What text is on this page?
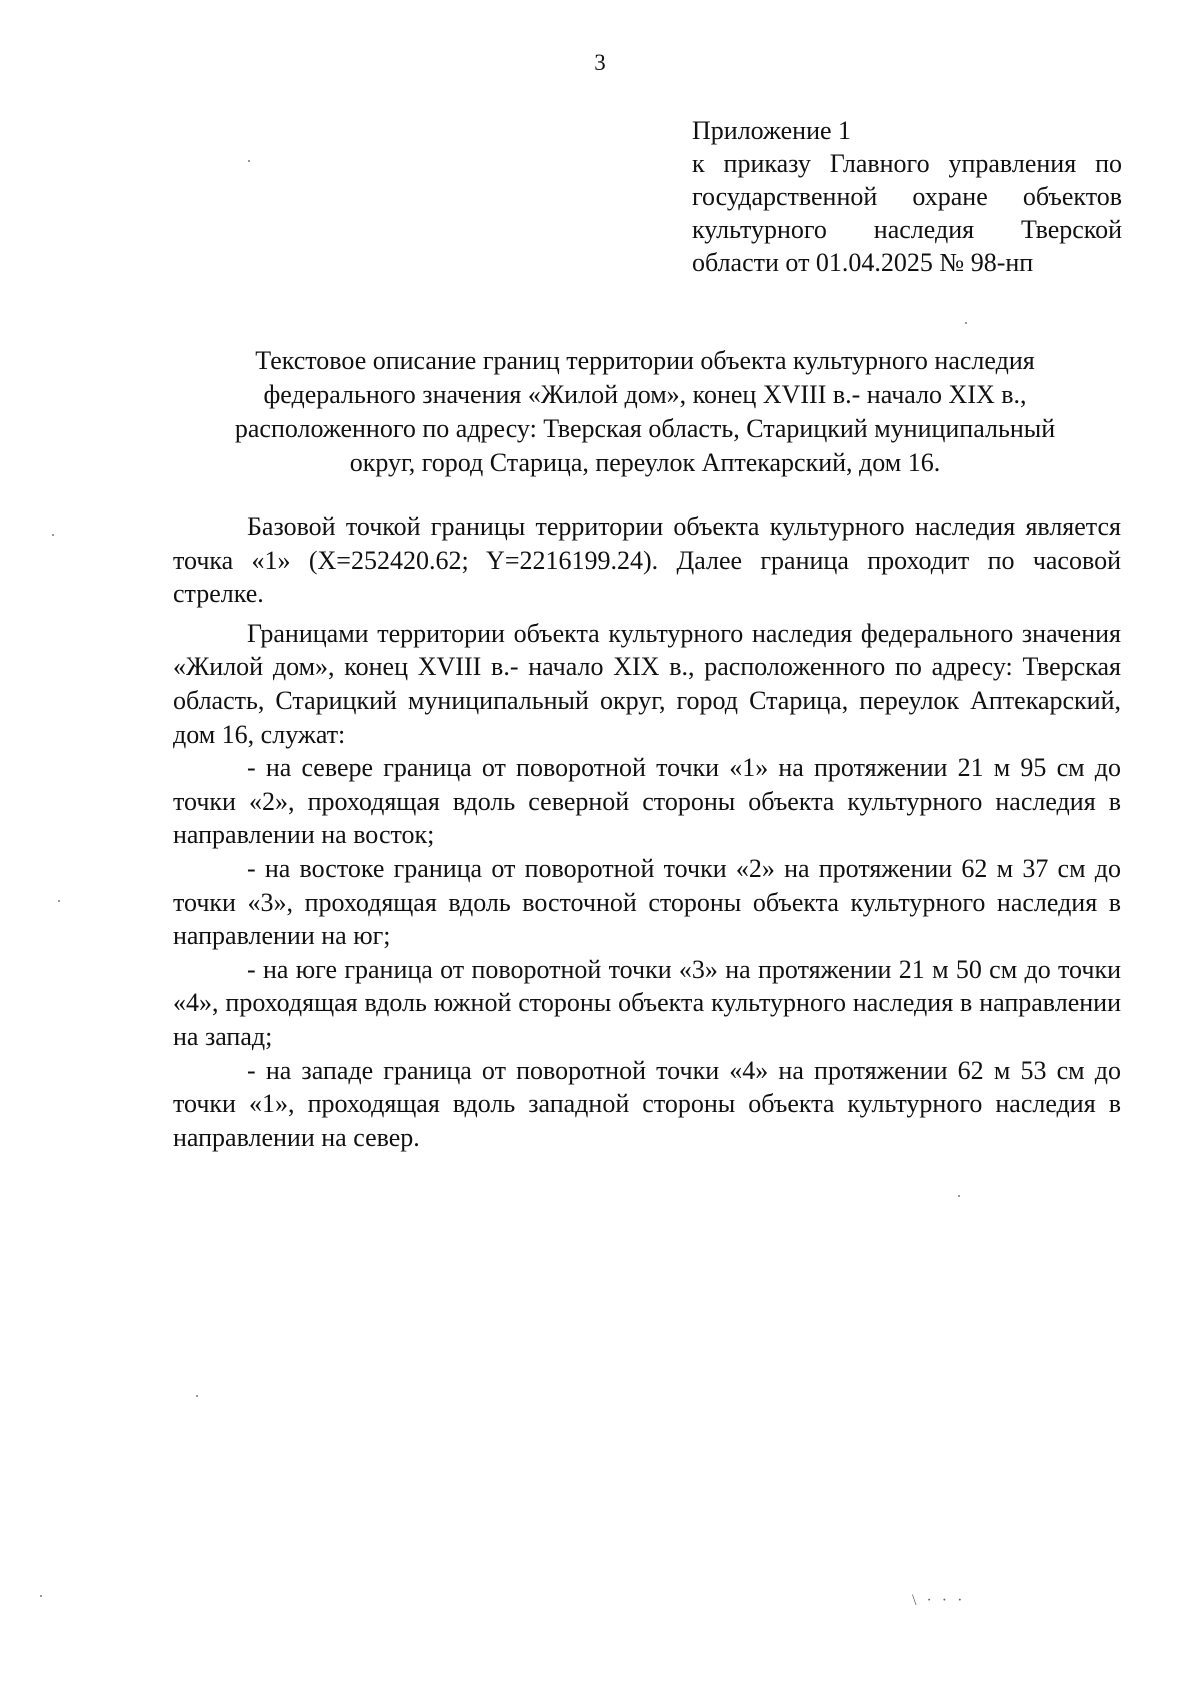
3
Приложение 1
к приказу Главного управления по
государственной охране объектов
культурного наследия Тверской
области от 01.04.2025 № 98-нп
Текстовое описание границ территории объекта культурного наследия
федерального значения «Жилой дом», конец XVIII в.- начало XIX в.,
расположенного по адресу: Тверская область, Старицкий муниципальный
округ, город Старица, переулок Аптекарский, дом 16.

Базовой точкой границы территории объекта культурного наследия является точка «1» (X=252420.62; Y=2216199.24). Далее граница проходит по часовой стрелке.

Границами территории объекта культурного наследия федерального значения «Жилой дом», конец XVIII в.- начало XIX в., расположенного по адресу: Тверская область, Старицкий муниципальный округ, город Старица, переулок Аптекарский, дом 16, служат:

- на севере граница от поворотной точки «1» на протяжении 21 м 95 см до точки «2», проходящая вдоль северной стороны объекта культурного наследия в направлении на восток;

- на востоке граница от поворотной точки «2» на протяжении 62 м 37 см до точки «3», проходящая вдоль восточной стороны объекта культурного наследия в направлении на юг;

- на юге граница от поворотной точки «3» на протяжении 21 м 50 см до точки «4», проходящая вдоль южной стороны объекта культурного наследия в направлении на запад;

- на западе граница от поворотной точки «4» на протяжении 62 м 53 см до точки «1», проходящая вдоль западной стороны объекта культурного наследия в направлении на север.

\ · · ·
